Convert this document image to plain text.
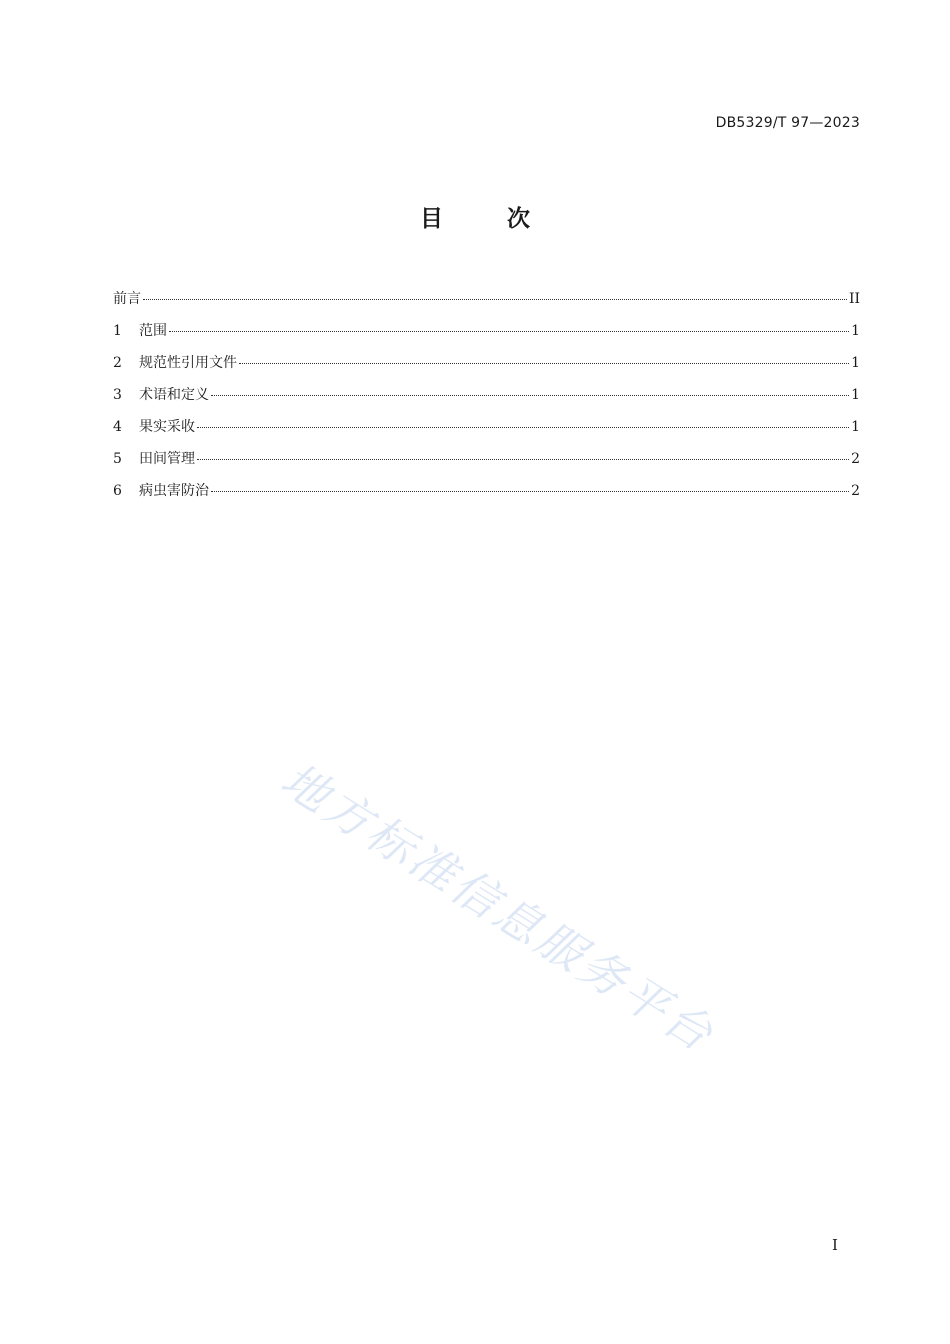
DB5329/T 97—2023
目	次
前言	II
1	范围	1
2	规范性引用文件	1
3	术语和定义	1
4	果实采收	1
5	田间管理	2
6	病虫害防治	2
地方标准信息服务平台
I
